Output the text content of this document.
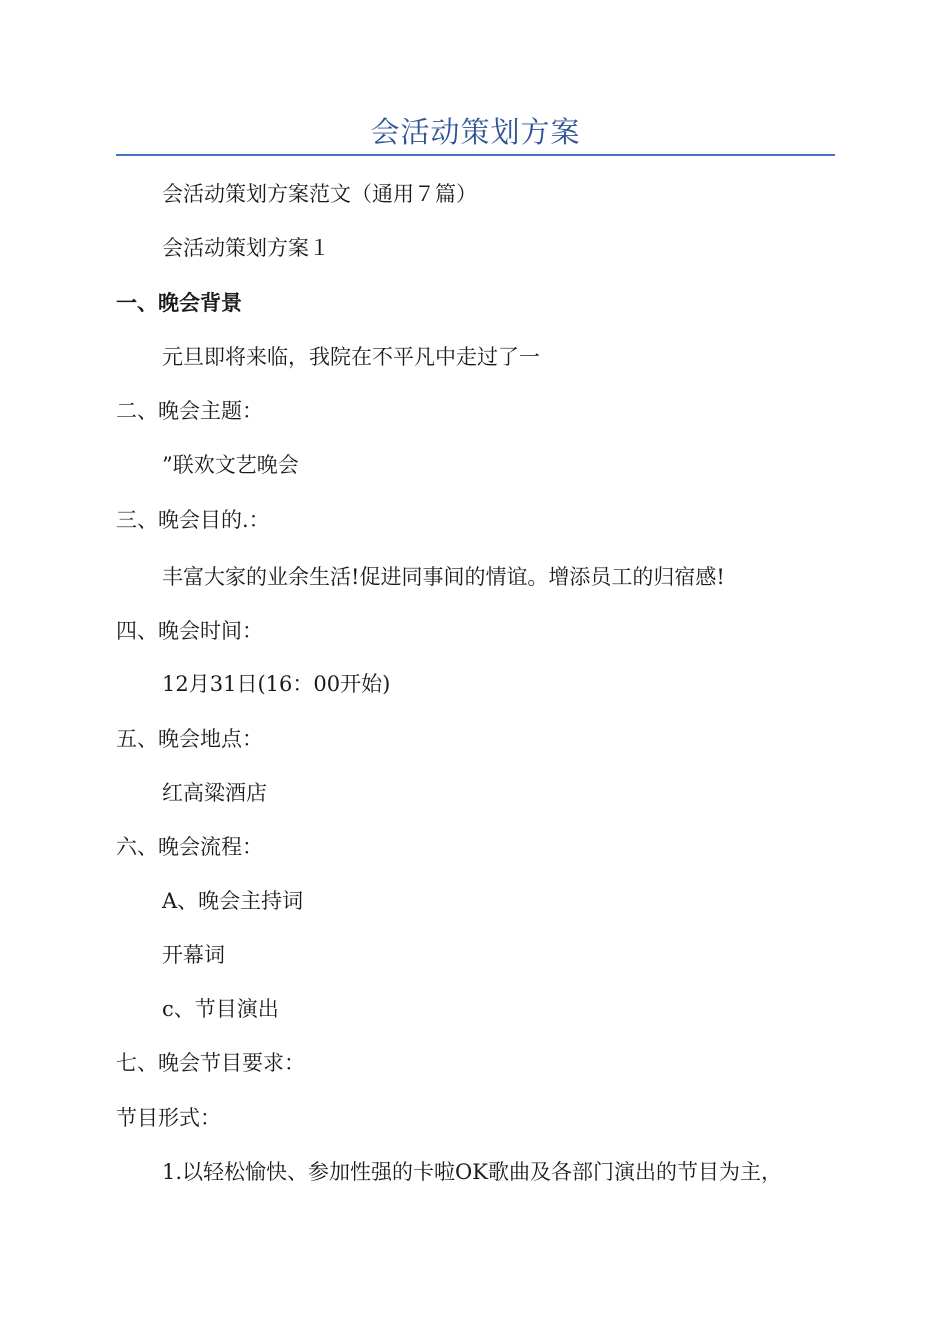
会活动策划方案
会活动策划方案范文（通用７篇）
会活动策划方案１
一、晚会背景
元旦即将来临，我院在不平凡中走过了一
二、晚会主题：
”联欢文艺晚会
三、晚会目的.：
丰富大家的业余生活!促进同事间的情谊。增添员工的归宿感!
四、晚会时间：
12月31日(16：00开始)
五、晚会地点：
红高粱酒店
六、晚会流程：
A、晚会主持词
开幕词
c、节目演出
七、晚会节目要求：
节目形式：
1.以轻松愉快、参加性强的卡啦OK歌曲及各部门演出的节目为主，
